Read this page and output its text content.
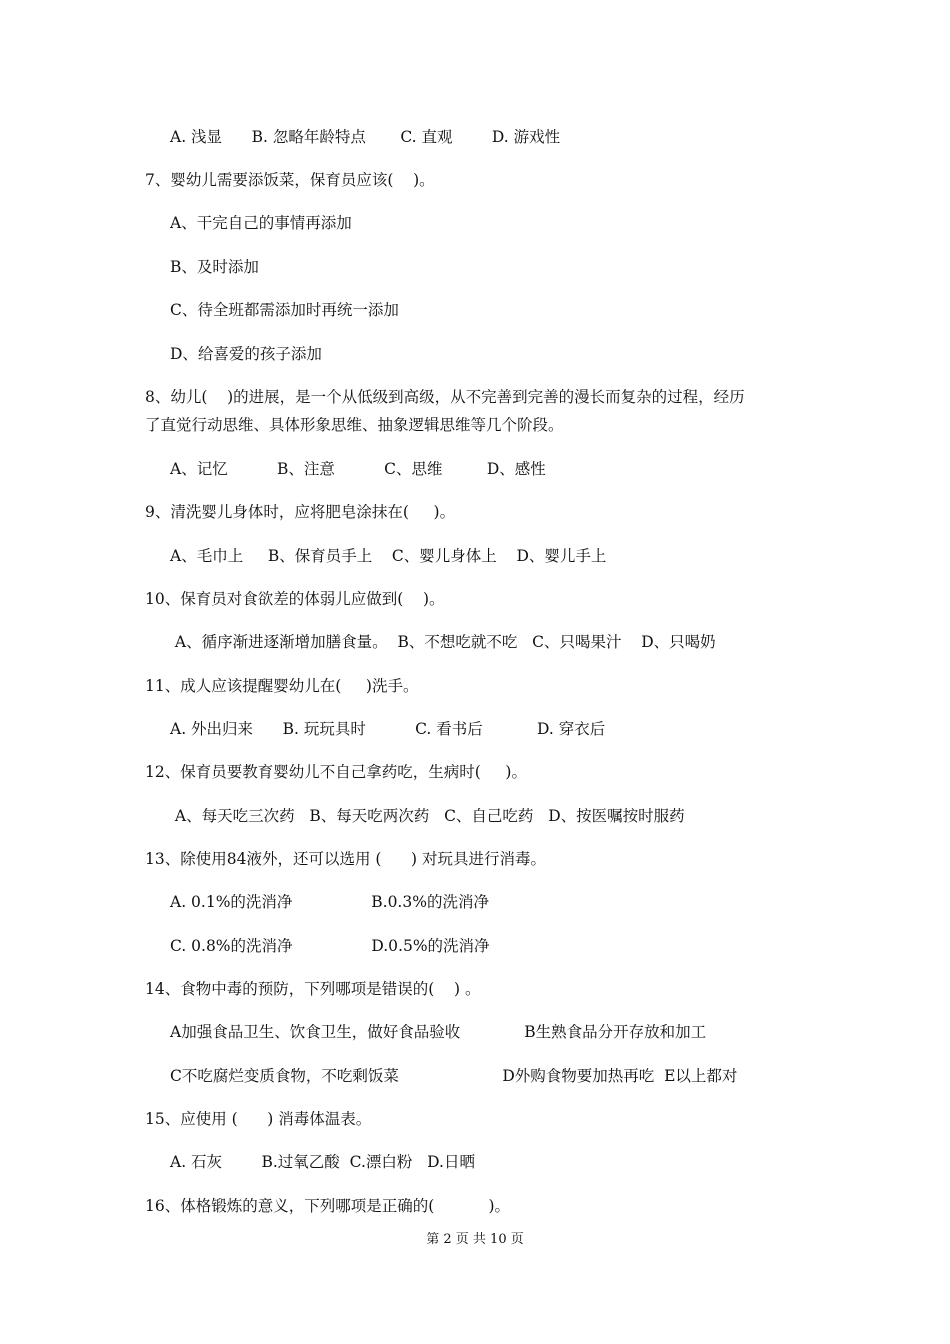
A. 浅显      B. 忽略年龄特点       C. 直观        D. 游戏性
7、婴幼儿需要添饭菜，保育员应该(    )。
A、干完自己的事情再添加
B、及时添加
C、待全班都需添加时再统一添加
D、给喜爱的孩子添加
8、幼儿(    )的进展，是一个从低级到高级，从不完善到完善的漫长而复杂的过程，经历
了直觉行动思维、具体形象思维、抽象逻辑思维等几个阶段。
A、记忆          B、注意          C、思维         D、感性
9、清洗婴儿身体时，应将肥皂涂抹在(     )。
A、毛巾上     B、保育员手上    C、婴儿身体上    D、婴儿手上
10、保育员对食欲差的体弱儿应做到(    )。
A、循序渐进逐渐增加膳食量。  B、不想吃就不吃   C、只喝果汁    D、只喝奶
11、成人应该提醒婴幼儿在(     )洗手。
A. 外出归来      B. 玩玩具时          C. 看书后           D. 穿衣后
12、保育员要教育婴幼儿不自己拿药吃，生病时(     )。
A、每天吃三次药   B、每天吃两次药   C、自己吃药   D、按医嘱按时服药
13、除使用84液外，还可以选用 (      ) 对玩具进行消毒。
A. 0.1%的洗消净                B.0.3%的洗消净
C. 0.8%的洗消净                D.0.5%的洗消净
14、食物中毒的预防，下列哪项是错误的(    ) 。
A加强食品卫生、饮食卫生，做好食品验收             B生熟食品分开存放和加工
C不吃腐烂变质食物，不吃剩饭菜                     D外购食物要加热再吃  E以上都对
15、应使用 (      ) 消毒体温表。
A. 石灰        B.过氧乙酸  C.漂白粉   D.日晒
16、体格锻炼的意义，下列哪项是正确的(           )。
第 2 页 共 10 页
